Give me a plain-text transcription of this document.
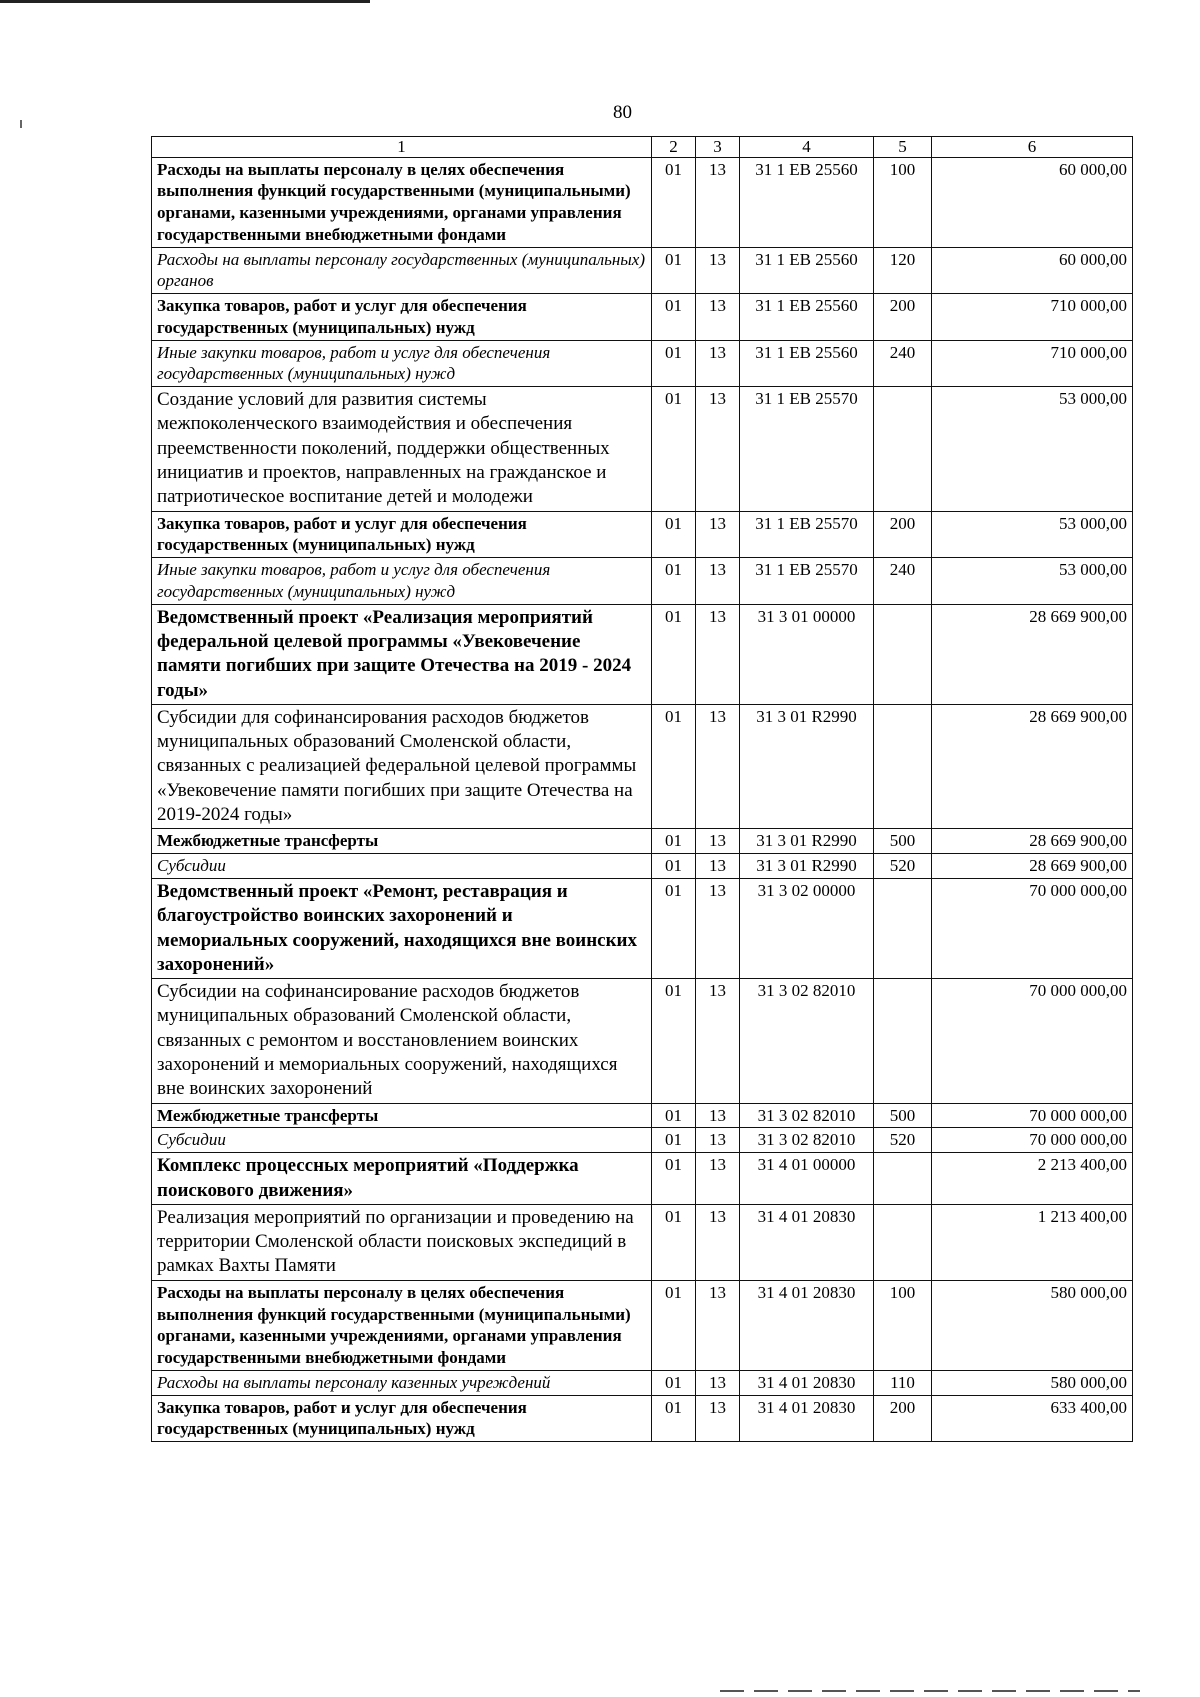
80
1	2	3	4	5	6
Расходы на выплаты персоналу в целях обеспечения выполнения функций государственными (муниципальными) органами, казенными учреждениями, органами управления государственными внебюджетными фондами	01	13	31 1 ЕВ 25560	100	60 000,00
Расходы на выплаты персоналу государственных (муниципальных) органов	01	13	31 1 ЕВ 25560	120	60 000,00
Закупка товаров, работ и услуг для обеспечения государственных (муниципальных) нужд	01	13	31 1 ЕВ 25560	200	710 000,00
Иные закупки товаров, работ и услуг для обеспечения государственных (муниципальных) нужд	01	13	31 1 ЕВ 25560	240	710 000,00
Создание условий для развития системы межпоколенческого взаимодействия и обеспечения преемственности поколений, поддержки общественных инициатив и проектов, направленных на гражданское и патриотическое воспитание детей и молодежи	01	13	31 1 ЕВ 25570		53 000,00
Закупка товаров, работ и услуг для обеспечения государственных (муниципальных) нужд	01	13	31 1 ЕВ 25570	200	53 000,00
Иные закупки товаров, работ и услуг для обеспечения государственных (муниципальных) нужд	01	13	31 1 ЕВ 25570	240	53 000,00
Ведомственный проект «Реализация мероприятий федеральной целевой программы «Увековечение памяти погибших при защите Отечества на 2019 - 2024 годы»	01	13	31 3 01 00000		28 669 900,00
Субсидии для софинансирования расходов бюджетов муниципальных образований Смоленской области, связанных с реализацией федеральной целевой программы «Увековечение памяти погибших при защите Отечества на 2019-2024 годы»	01	13	31 3 01 R2990		28 669 900,00
Межбюджетные трансферты	01	13	31 3 01 R2990	500	28 669 900,00
Субсидии	01	13	31 3 01 R2990	520	28 669 900,00
Ведомственный проект «Ремонт, реставрация и благоустройство воинских захоронений и мемориальных сооружений, находящихся вне воинских захоронений»	01	13	31 3 02 00000		70 000 000,00
Субсидии на софинансирование расходов бюджетов муниципальных образований Смоленской области, связанных с ремонтом и восстановлением воинских захоронений и мемориальных сооружений, находящихся вне воинских захоронений	01	13	31 3 02 82010		70 000 000,00
Межбюджетные трансферты	01	13	31 3 02 82010	500	70 000 000,00
Субсидии	01	13	31 3 02 82010	520	70 000 000,00
Комплекс процессных мероприятий «Поддержка поискового движения»	01	13	31 4 01 00000		2 213 400,00
Реализация мероприятий по организации и проведению на территории Смоленской области поисковых экспедиций в рамках Вахты Памяти	01	13	31 4 01 20830		1 213 400,00
Расходы на выплаты персоналу в целях обеспечения выполнения функций государственными (муниципальными) органами, казенными учреждениями, органами управления государственными внебюджетными фондами	01	13	31 4 01 20830	100	580 000,00
Расходы на выплаты персоналу казенных учреждений	01	13	31 4 01 20830	110	580 000,00
Закупка товаров, работ и услуг для обеспечения государственных (муниципальных) нужд	01	13	31 4 01 20830	200	633 400,00
